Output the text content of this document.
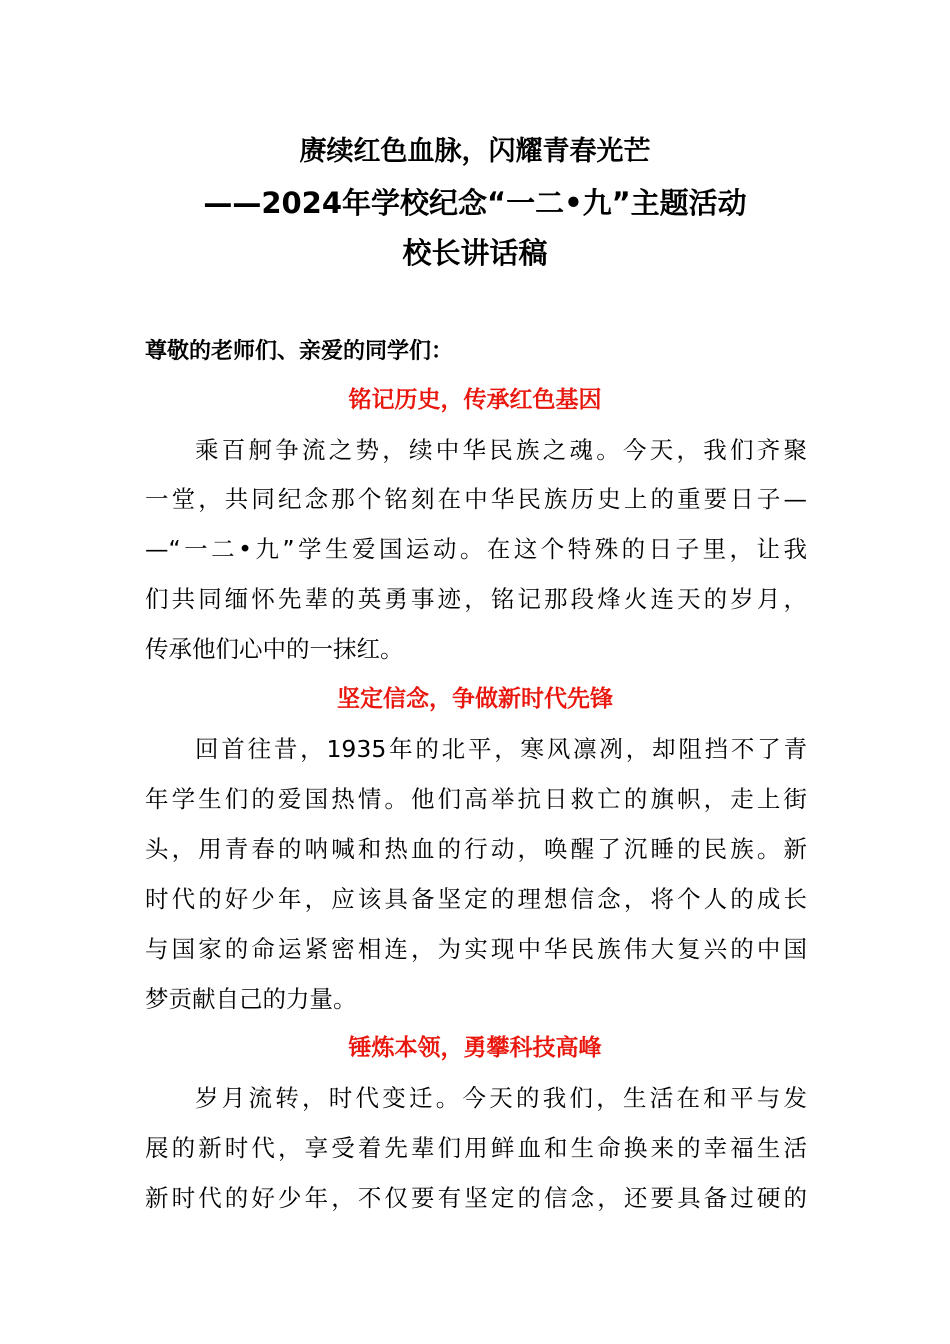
赓续红色血脉，闪耀青春光芒
——2024年学校纪念“一二•九”主题活动
校长讲话稿
尊敬的老师们、亲爱的同学们：
铭记历史，传承红色基因
乘百舸争流之势，续中华民族之魂。今天，我们齐聚
一堂，共同纪念那个铭刻在中华民族历史上的重要日子—
—“一二•九”学生爱国运动。在这个特殊的日子里，让我
们共同缅怀先辈的英勇事迹，铭记那段烽火连天的岁月，
传承他们心中的一抹红。
坚定信念，争做新时代先锋
回首往昔，1935年的北平，寒风凛冽，却阻挡不了青
年学生们的爱国热情。他们高举抗日救亡的旗帜，走上街
头，用青春的呐喊和热血的行动，唤醒了沉睡的民族。新
时代的好少年，应该具备坚定的理想信念，将个人的成长
与国家的命运紧密相连，为实现中华民族伟大复兴的中国
梦贡献自己的力量。
锤炼本领，勇攀科技高峰
岁月流转，时代变迁。今天的我们，生活在和平与发
展的新时代，享受着先辈们用鲜血和生命换来的幸福生活
新时代的好少年，不仅要有坚定的信念，还要具备过硬的
